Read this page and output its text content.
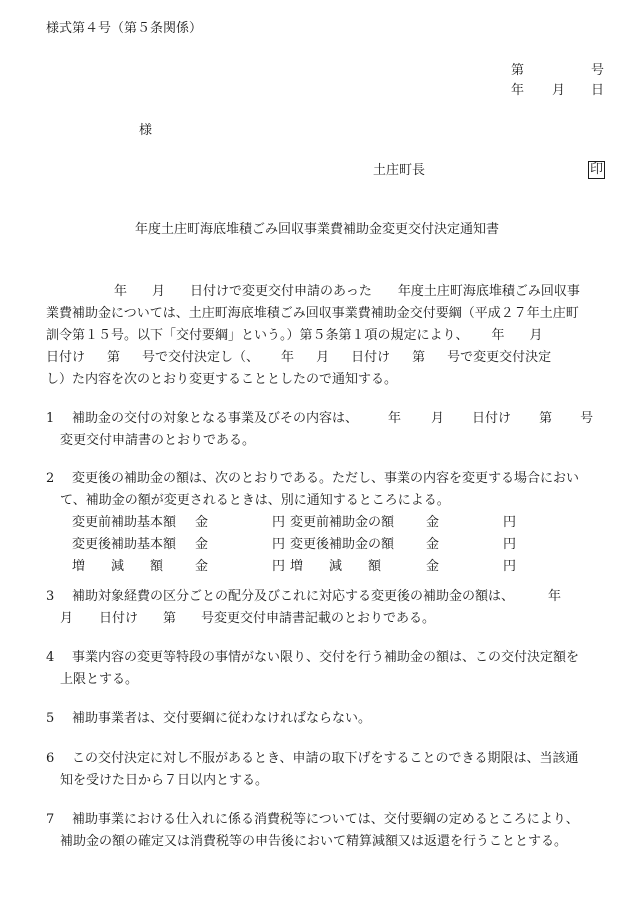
様式第４号（第５条関係）
第	号
年 月 日
様
土庄町長	印
年度土庄町海底堆積ごみ回収事業費補助金変更交付決定通知書
年 月 日付けで変更交付申請のあった 年度土庄町海底堆積ごみ回収事
業費補助金については、土庄町海底堆積ごみ回収事業費補助金交付要綱（平成２７年土庄町
訓令第１５号。以下「交付要綱」という。）第５条第１項の規定により、 年 月
日付け 第 号で交付決定し（、 年 月 日付け 第 号で変更交付決定
し）た内容を次のとおり変更することとしたので通知する。
1 補助金の交付の対象となる事業及びその内容は、 年 月 日付け 第 号
変更交付申請書のとおりである。
2 変更後の補助金の額は、次のとおりである。ただし、事業の内容を変更する場合におい
て、補助金の額が変更されるときは、別に通知するところによる。
変更前補助基本額 金	円 変更前補助金の額 金	円
変更後補助基本額 金	円 変更後補助金の額 金	円
増　　減　　額 金	円 増　　減　　額	金	円
3 補助対象経費の区分ごとの配分及びこれに対応する変更後の補助金の額は、	年
月 日付け 第 号変更交付申請書記載のとおりである。
4 事業内容の変更等特段の事情がない限り、交付を行う補助金の額は、この交付決定額を
上限とする。
5 補助事業者は、交付要綱に従わなければならない。
6 この交付決定に対し不服があるとき、申請の取下げをすることのできる期限は、当該通
知を受けた日から７日以内とする。
7 補助事業における仕入れに係る消費税等については、交付要綱の定めるところにより、
補助金の額の確定又は消費税等の申告後において精算減額又は返還を行うこととする。
